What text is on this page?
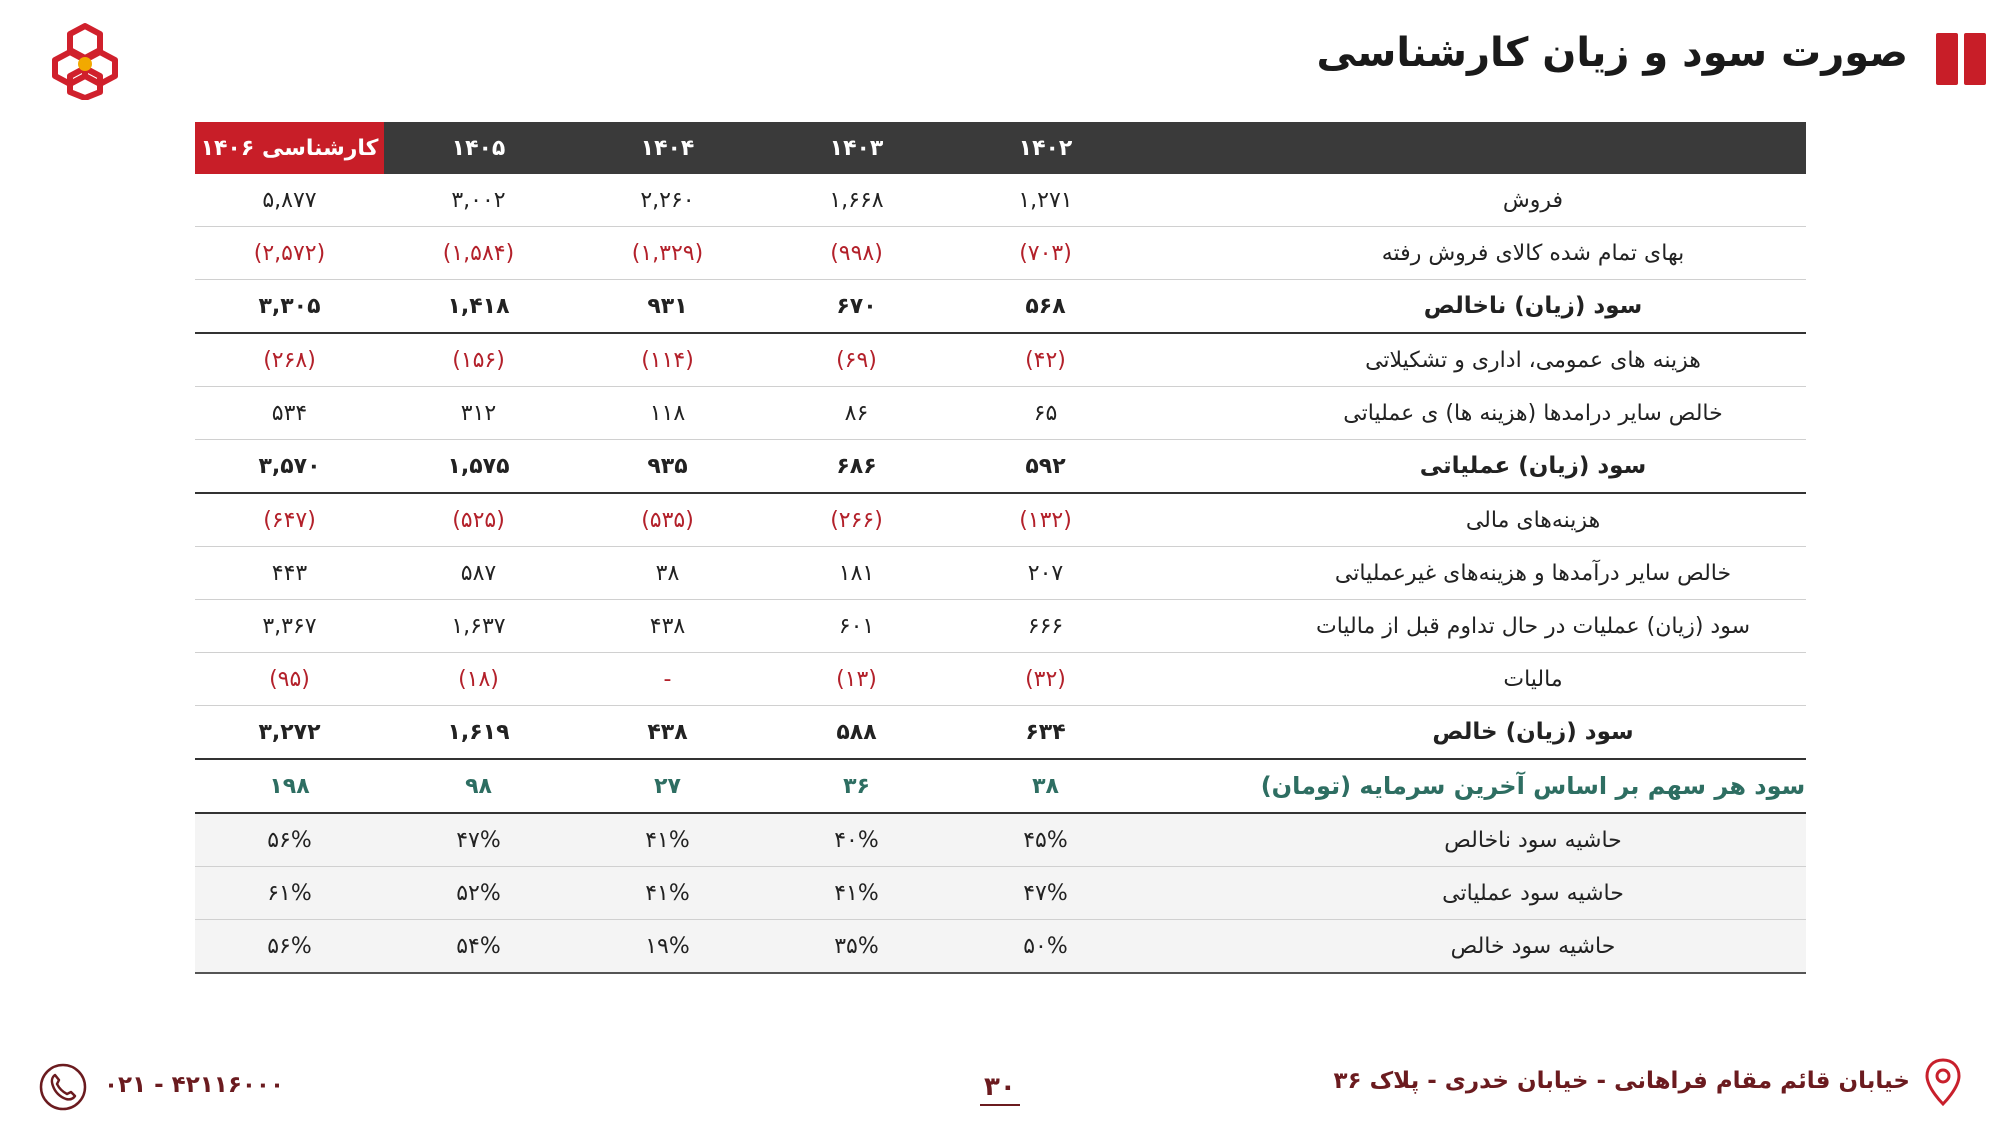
صورت سود و زیان کارشناسی
کارشناسی ۱۴۰۶	۱۴۰۵	۱۴۰۴	۱۴۰۳	۱۴۰۲	
۵,۸۷۷	۳,۰۰۲	۲,۲۶۰	۱,۶۶۸	۱,۲۷۱	فروش
(۲,۵۷۲)	(۱,۵۸۴)	(۱,۳۲۹)	(۹۹۸)	(۷۰۳)	بهای تمام شده کالای فروش رفته
۳,۳۰۵	۱,۴۱۸	۹۳۱	۶۷۰	۵۶۸	سود (زیان) ناخالص
(۲۶۸)	(۱۵۶)	(۱۱۴)	(۶۹)	(۴۲)	هزینه های عمومی، اداری و تشکیلاتی
۵۳۴	۳۱۲	۱۱۸	۸۶	۶۵	خالص سایر درامدها (هزینه ها) ی عملیاتی
۳,۵۷۰	۱,۵۷۵	۹۳۵	۶۸۶	۵۹۲	سود (زیان) عملیاتی
(۶۴۷)	(۵۲۵)	(۵۳۵)	(۲۶۶)	(۱۳۲)	هزینه‌های مالی
۴۴۳	۵۸۷	۳۸	۱۸۱	۲۰۷	خالص سایر درآمدها و هزینه‌های غیرعملیاتی
۳,۳۶۷	۱,۶۳۷	۴۳۸	۶۰۱	۶۶۶	سود (زیان) عملیات در حال تداوم قبل از مالیات
(۹۵)	(۱۸)	-	(۱۳)	(۳۲)	مالیات
۳,۲۷۲	۱,۶۱۹	۴۳۸	۵۸۸	۶۳۴	سود (زیان) خالص
۱۹۸	۹۸	۲۷	۳۶	۳۸	سود هر سهم بر اساس آخرین سرمایه (تومان)
۵۶%	۴۷%	۴۱%	۴۰%	۴۵%	حاشیه سود ناخالص
۶۱%	۵۲%	۴۱%	۴۱%	۴۷%	حاشیه سود عملیاتی
۵۶%	۵۴%	۱۹%	۳۵%	۵۰%	حاشیه سود خالص

خیابان قائم مقام فراهانی - خیابان خدری - پلاک ۳۶

۳۰

۰۲۱ - ۴۲۱۱۶۰۰۰
